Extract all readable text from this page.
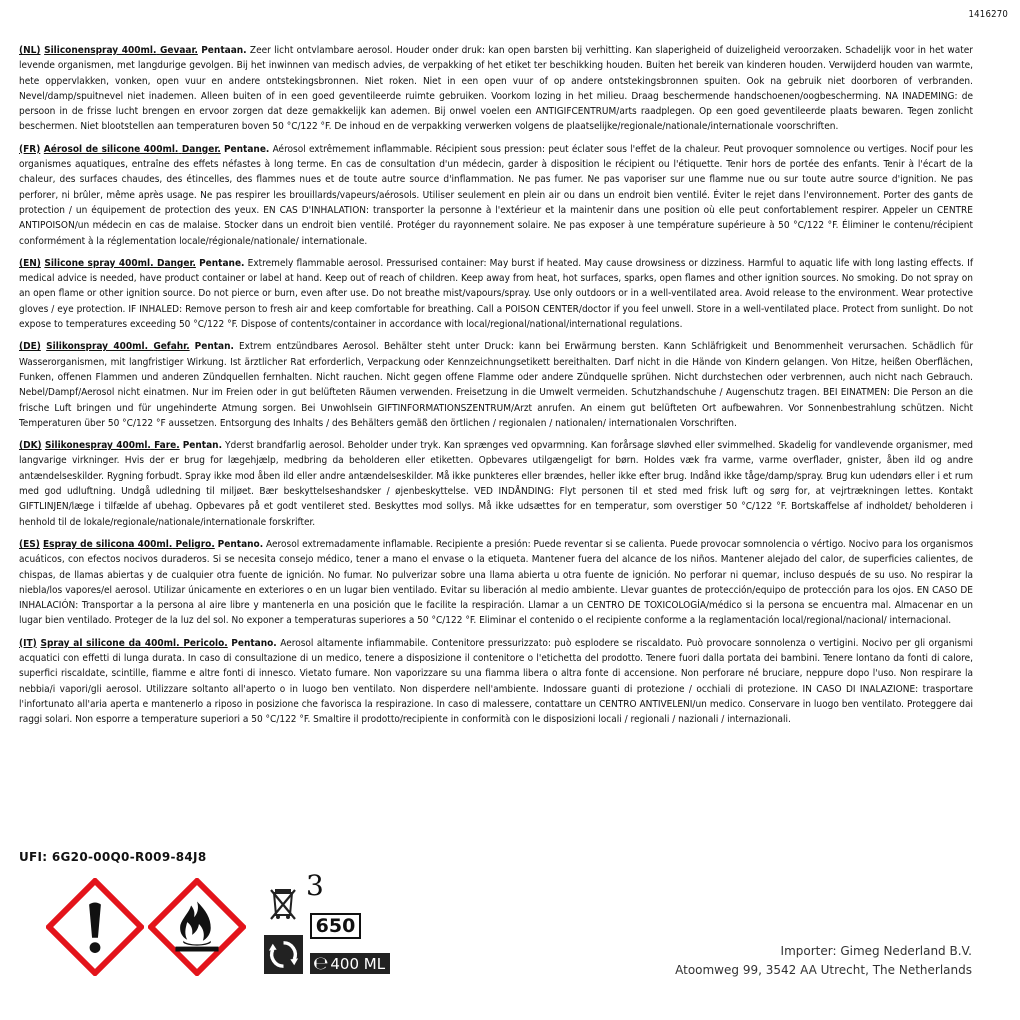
1416270

(NL) Siliconenspray 400ml. Gevaar. Pentaan. Zeer licht ontvlambare aerosol. Houder onder druk: kan open barsten bij verhitting. Kan slaperigheid of duizeligheid veroorzaken. Schadelijk voor in het water levende organismen, met langdurige gevolgen. Bij het inwinnen van medisch advies, de verpakking of het etiket ter beschikking houden. Buiten het bereik van kinderen houden. Verwijderd houden van warmte, hete oppervlakken, vonken, open vuur en andere ontstekingsbronnen. Niet roken. Niet in een open vuur of op andere ontstekingsbronnen spuiten. Ook na gebruik niet doorboren of verbranden. Nevel/damp/spuitnevel niet inademen. Alleen buiten of in een goed geventileerde ruimte gebruiken. Voorkom lozing in het milieu. Draag beschermende handschoenen/oogbescherming. NA INADEMING: de persoon in de frisse lucht brengen en ervoor zorgen dat deze gemakkelijk kan ademen. Bij onwel voelen een ANTIGIFCENTRUM/arts raadplegen. Op een goed geventileerde plaats bewaren. Tegen zonlicht beschermen. Niet blootstellen aan temperaturen boven 50 °C/122 °F. De inhoud en de verpakking verwerken volgens de plaatselijke/regionale/nationale/internationale voorschriften.

(FR) Aérosol de silicone 400ml. Danger. Pentane. Aérosol extrêmement inflammable. Récipient sous pression: peut éclater sous l'effet de la chaleur. Peut provoquer somnolence ou vertiges. Nocif pour les organismes aquatiques, entraîne des effets néfastes à long terme. En cas de consultation d'un médecin, garder à disposition le récipient ou l'étiquette. Tenir hors de portée des enfants. Tenir à l'écart de la chaleur, des surfaces chaudes, des étincelles, des flammes nues et de toute autre source d'inflammation. Ne pas fumer. Ne pas vaporiser sur une flamme nue ou sur toute autre source d'ignition. Ne pas perforer, ni brûler, même après usage. Ne pas respirer les brouillards/vapeurs/aérosols. Utiliser seulement en plein air ou dans un endroit bien ventilé. Éviter le rejet dans l'environnement. Porter des gants de protection / un équipement de protection des yeux. EN CAS D'INHALATION: transporter la personne à l'extérieur et la maintenir dans une position où elle peut confortablement respirer. Appeler un CENTRE ANTIPOISON/un médecin en cas de malaise. Stocker dans un endroit bien ventilé. Protéger du rayonnement solaire. Ne pas exposer à une température supérieure à 50 °C/122 °F. Éliminer le contenu/récipient conformément à la réglementation locale/régionale/nationale/ internationale.

(EN) Silicone spray 400ml. Danger. Pentane. Extremely flammable aerosol. Pressurised container: May burst if heated. May cause drowsiness or dizziness. Harmful to aquatic life with long lasting effects. If medical advice is needed, have product container or label at hand. Keep out of reach of children. Keep away from heat, hot surfaces, sparks, open flames and other ignition sources. No smoking. Do not spray on an open flame or other ignition source. Do not pierce or burn, even after use. Do not breathe mist/vapours/spray. Use only outdoors or in a well-ventilated area. Avoid release to the environment. Wear protective gloves / eye protection. IF INHALED: Remove person to fresh air and keep comfortable for breathing. Call a POISON CENTER/doctor if you feel unwell. Store in a well-ventilated place. Protect from sunlight. Do not expose to temperatures exceeding 50 °C/122 °F. Dispose of contents/container in accordance with local/regional/national/international regulations.

(DE) Silikonspray 400ml. Gefahr. Pentan. Extrem entzündbares Aerosol. Behälter steht unter Druck: kann bei Erwärmung bersten. Kann Schläfrigkeit und Benommenheit verursachen. Schädlich für Wasserorganismen, mit langfristiger Wirkung. Ist ärztlicher Rat erforderlich, Verpackung oder Kennzeichnungsetikett bereithalten. Darf nicht in die Hände von Kindern gelangen. Von Hitze, heißen Oberflächen, Funken, offenen Flammen und anderen Zündquellen fernhalten. Nicht rauchen. Nicht gegen offene Flamme oder andere Zündquelle sprühen. Nicht durchstechen oder verbrennen, auch nicht nach Gebrauch. Nebel/Dampf/Aerosol nicht einatmen. Nur im Freien oder in gut belüfteten Räumen verwenden. Freisetzung in die Umwelt vermeiden. Schutzhandschuhe / Augenschutz tragen. BEI EINATMEN: Die Person an die frische Luft bringen und für ungehinderte Atmung sorgen. Bei Unwohlsein GIFTINFORMATIONSZENTRUM/Arzt anrufen. An einem gut belüfteten Ort aufbewahren. Vor Sonnenbestrahlung schützen. Nicht Temperaturen über 50 °C/122 °F aussetzen. Entsorgung des Inhalts / des Behälters gemäß den örtlichen / regionalen / nationalen/ internationalen Vorschriften.

(DK) Silikonespray 400ml. Fare. Pentan. Yderst brandfarlig aerosol. Beholder under tryk. Kan sprænges ved opvarmning. Kan forårsage sløvhed eller svimmelhed. Skadelig for vandlevende organismer, med langvarige virkninger. Hvis der er brug for lægehjælp, medbring da beholderen eller etiketten. Opbevares utilgængeligt for børn. Holdes væk fra varme, varme overflader, gnister, åben ild og andre antændelseskilder. Rygning forbudt. Spray ikke mod åben ild eller andre antændelseskilder. Må ikke punkteres eller brændes, heller ikke efter brug. Indånd ikke tåge/damp/spray. Brug kun udendørs eller i et rum med god udluftning. Undgå udledning til miljøet. Bær beskyttelseshandsker / øjenbeskyttelse. VED INDÅNDING: Flyt personen til et sted med frisk luft og sørg for, at vejrtrækningen lettes. Kontakt GIFTLINJEN/læge i tilfælde af ubehag. Opbevares på et godt ventileret sted. Beskyttes mod sollys. Må ikke udsættes for en temperatur, som overstiger 50 °C/122 °F. Bortskaffelse af indholdet/ beholderen i henhold til de lokale/regionale/nationale/internationale forskrifter.

(ES) Espray de silicona 400ml. Peligro. Pentano. Aerosol extremadamente inflamable. Recipiente a presión: Puede reventar si se calienta. Puede provocar somnolencia o vértigo. Nocivo para los organismos acuáticos, con efectos nocivos duraderos. Si se necesita consejo médico, tener a mano el envase o la etiqueta. Mantener fuera del alcance de los niños. Mantener alejado del calor, de superficies calientes, de chispas, de llamas abiertas y de cualquier otra fuente de ignición. No fumar. No pulverizar sobre una llama abierta u otra fuente de ignición. No perforar ni quemar, incluso después de su uso. No respirar la niebla/los vapores/el aerosol. Utilizar únicamente en exteriores o en un lugar bien ventilado. Evitar su liberación al medio ambiente. Llevar guantes de protección/equipo de protección para los ojos. EN CASO DE INHALACIÓN: Transportar a la persona al aire libre y mantenerla en una posición que le facilite la respiración. Llamar a un CENTRO DE TOXICOLOGÍA/médico si la persona se encuentra mal. Almacenar en un lugar bien ventilado. Proteger de la luz del sol. No exponer a temperaturas superiores a 50 °C/122 °F. Eliminar el contenido o el recipiente conforme a la reglamentación local/regional/nacional/ internacional.

(IT) Spray al silicone da 400ml. Pericolo. Pentano. Aerosol altamente infiammabile. Contenitore pressurizzato: può esplodere se riscaldato. Può provocare sonnolenza o vertigini. Nocivo per gli organismi acquatici con effetti di lunga durata. In caso di consultazione di un medico, tenere a disposizione il contenitore o l'etichetta del prodotto. Tenere fuori dalla portata dei bambini. Tenere lontano da fonti di calore, superfici riscaldate, scintille, fiamme e altre fonti di innesco. Vietato fumare. Non vaporizzare su una fiamma libera o altra fonte di accensione. Non perforare né bruciare, neppure dopo l'uso. Non respirare la nebbia/i vapori/gli aerosol. Utilizzare soltanto all'aperto o in luogo ben ventilato. Non disperdere nell'ambiente. Indossare guanti di protezione / occhiali di protezione. IN CASO DI INALAZIONE: trasportare l'infortunato all'aria aperta e mantenerlo a riposo in posizione che favorisca la respirazione. In caso di malessere, contattare un CENTRO ANTIVELENI/un medico. Conservare in luogo ben ventilato. Proteggere dai raggi solari. Non esporre a temperature superiori a 50 °C/122 °F. Smaltire il prodotto/recipiente in conformità con le disposizioni locali / regionali / nazionali / internazionali.

UFI: 6G20-00Q0-R009-84J8
3
650
℮ 400 ML
Importer: Gimeg Nederland B.V.
Atoomweg 99, 3542 AA Utrecht, The Netherlands
